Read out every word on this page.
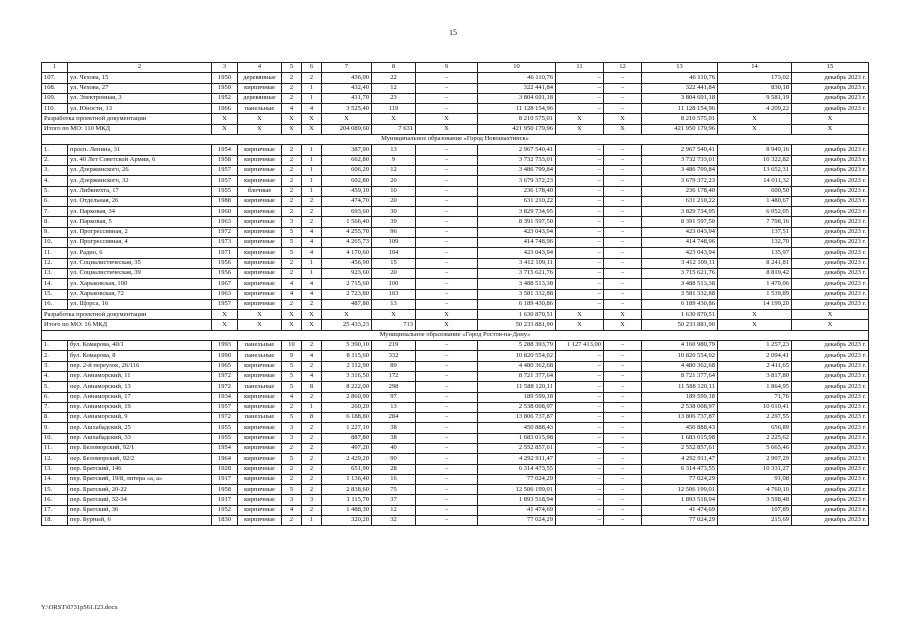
15
1	2	3	4	5	6	7	8	9	10	11	12	13	14	15
107.	ул. Чехова, 15	1950	деревянные	2	2	436,00	22	–	46 110,76	–	–	46 110,76	173,02	декабрь 2023 г.
108.	ул. Чехова, 27	1950	кирпичные	2	1	432,40	12	–	322 441,84	–	–	322 441,84	830,18	декабрь 2023 г.
109.	ул. Электронная, 3	1952	деревянные	2	1	431,70	23	–	3 804 691,18	–	–	3 804 691,18	9 581,19	декабрь 2023 г.
110.	ул. Юности, 13	1966	панельные	4	4	3 525,40	119	–	11 128 154,96	–	–	11 128 154,96	4 209,22	декабрь 2023 г.
Разработка проектной документации		X	X	X	X	X	X	X	8 210 575,01	X	X	8 210 575,01	X	X
Итого по МО: 110 МКД		X	X	X	X	204 089,60	7 631	X	421 950 179,96	X	X	421 950 179,96	X	X
Муниципальное образование «Город Новошахтинск»														
1.	просп. Ленина, 31	1954	кирпичные	2	1	387,90	13	–	2 967 540,41	–	–	2 967 540,41	8 949,16	декабрь 2023 г.
2.	ул. 40 Лет Советской Армии, 6	1958	кирпичные	2	1	662,80	9	–	3 732 733,01	–	–	3 732 733,01	10 322,82	декабрь 2023 г.
3.	ул. Дзержинского, 26	1957	кирпичные	2	1	606,20	12	–	3 486 799,84	–	–	3 486 799,84	13 652,31	декабрь 2023 г.
4.	ул. Дзержинского, 32	1957	кирпичные	2	1	602,80	20	–	3 679 372,23	–	–	3 679 372,23	14 011,32	декабрь 2023 г.
5.	ул. Либкнехта, 17	1955	блочные	2	1	459,10	10	–	236 178,40	–	–	236 178,40	600,50	декабрь 2023 г.
6.	ул. Отдельная, 26	1988	кирпичные	2	2	474,70	20	–	631 210,22	–	–	631 210,22	1 480,67	декабрь 2023 г.
7.	ул. Парковая, 34	1960	кирпичные	2	2	693,60	30	–	3 829 734,95	–	–	3 829 734,95	6 052,05	декабрь 2023 г.
8.	ул. Парковая, 5	1963	кирпичные	3	2	1 566,40	39	–	8 391 597,50	–	–	8 391 597,50	7 798,16	декабрь 2023 г.
9.	ул. Прогрессивная, 2	1972	кирпичные	5	4	4 255,70	96	–	423 043,94	–	–	423 043,94	137,51	декабрь 2023 г.
10.	ул. Прогрессивная, 4	1973	кирпичные	5	4	4 265,73	109	–	414 748,96	–	–	414 748,96	132,70	декабрь 2023 г.
11.	ул. Радио, 6	1971	кирпичные	5	4	4 170,60	104	–	423 043,94	–	–	423 043,94	135,97	декабрь 2023 г.
12.	ул. Социалистическая, 35	1956	кирпичные	2	1	456,90	15	–	3 412 109,11	–	–	3 412 109,11	8 241,81	декабрь 2023 г.
13.	ул. Социалистическая, 39	1956	кирпичные	2	1	923,60	20	–	3 715 621,76	–	–	3 715 621,76	8 819,42	декабрь 2023 г.
14.	ул. Харьковская, 100	1967	кирпичные	4	4	2 715,60	100	–	3 488 513,38	–	–	3 488 513,38	1 479,06	декабрь 2023 г.
15.	ул. Харьковская, 72	1963	кирпичные	4	4	2 723,80	103	–	3 581 332,88	–	–	3 581 332,88	1 539,89	декабрь 2023 г.
16.	ул. Щорса, 16	1957	кирпичные	2	2	487,80	13	–	6 189 430,86	–	–	6 189 430,86	14 199,20	декабрь 2023 г.
Разработка проектной документации		X	X	X	X	X	X	X	1 630 870,51	X	X	1 630 870,51	X	X
Итого по МО: 16 МКД		X	X	X	X	25 433,23	713	X	50 233 881,90	X	X	50 233 881,90	X	X
Муниципальное образование «Город Ростов-на-Дону»														
1.	бул. Комарова, 40/1	1993	панельные	10	2	5 390,10	219	–	5 288 393,79	1 127 413,00	–	4 160 980,79	1 257,23	декабрь 2023 г.
2.	бул. Комарова, 8	1990	панельные	9	4	8 115,60	332	–	10 820 554,02	–	–	10 820 554,02	2 094,41	декабрь 2023 г.
3.	пер. 2-й переулок, 26/116	1965	кирпичные	5	2	2 112,90	89	–	4 480 362,68	–	–	4 480 362,68	2 411,65	декабрь 2023 г.
4.	пер. Аннаморский, 11	1972	кирпичные	5	4	3 316,50	172	–	8 721 377,64	–	–	8 721 377,64	3 817,80	декабрь 2023 г.
5.	пер. Аннаморский, 13	1972	панельные	5	8	8 222,00	298	–	11 588 120,11	–	–	11 588 120,11	1 864,95	декабрь 2023 г.
6.	пер. Аннаморский, 17	1934	кирпичные	4	2	2 860,90	97	–	189 599,18	–	–	189 599,18	71,76	декабрь 2023 г.
7.	пер. Аннаморский, 19	1957	кирпичные	2	1	260,20	13	–	2 538 008,97	–	–	2 538 008,97	10 610,41	декабрь 2023 г.
8.	пер. Аннаморский, 9	1972	панельные	5	8	6 188,80	284	–	13 806 737,87	–	–	13 806 737,87	2 297,55	декабрь 2023 г.
9.	пер. Ашхабадский, 25	1955	кирпичные	3	2	1 227,10	38	–	450 888,43	–	–	450 888,43	656,89	декабрь 2023 г.
10.	пер. Ашхабадский, 33	1955	кирпичные	3	2	887,80	38	–	1 683 015,98	–	–	1 683 015,98	2 225,62	декабрь 2023 г.
11.	пер. Беломорский, 92/1	1954	кирпичные	2	2	497,20	40	–	2 552 857,61	–	–	2 552 857,61	5 665,46	декабрь 2023 г.
12.	пер. Беломорский, 92/2	1964	кирпичные	5	2	2 429,20	90	–	4 292 911,47	–	–	4 292 911,47	2 907,29	декабрь 2023 г.
13.	пер. Братский, 146	1928	кирпичные	2	2	651,90	28	–	6 314 473,55	–	–	6 314 473,55	10 331,27	декабрь 2023 г.
14.	пер. Братский, 19/8, литера «а, а»	1917	кирпичные	2	2	1 136,40	16	–	77 024,29	–	–	77 024,29	91,08	декабрь 2023 г.
15.	пер. Братский, 20-22	1958	кирпичные	5	2	2 838,60	75	–	12 506 199,01	–	–	12 506 199,01	4 760,10	декабрь 2023 г.
16.	пер. Братский, 32-34	1917	кирпичные	3	3	1 115,70	37	–	1 893 518,94	–	–	1 893 518,94	3 598,48	декабрь 2023 г.
17.	пер. Братский, 36	1952	кирпичные	4	2	1 488,30	12	–	41 474,69	–	–	41 474,69	107,89	декабрь 2023 г.
18.	пер. Бурный, 6	1830	кирпичные	2	1	320,20	32	–	77 024,29	–	–	77 024,29	215,69	декабрь 2023 г.
Y:\ORST\0731p561.f23.docx
